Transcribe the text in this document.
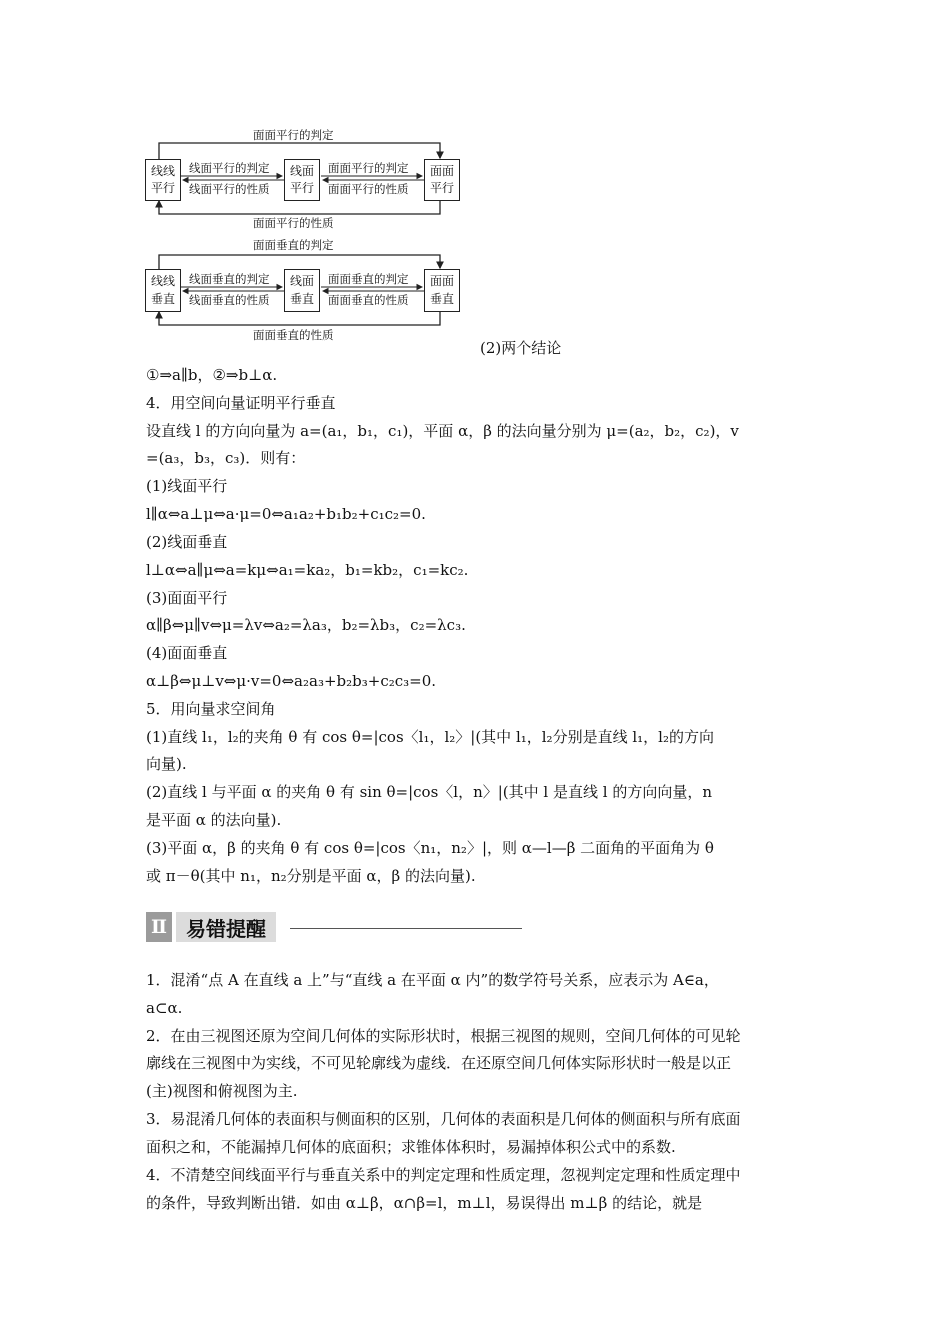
面面平行的判定
面面平行的性质
线线
平行
线面
平行
面面
平行
线面平行的判定
线面平行的性质
面面平行的判定
面面平行的性质
面面垂直的判定
面面垂直的性质
线线
垂直
线面
垂直
面面
垂直
线面垂直的判定
线面垂直的性质
面面垂直的判定
面面垂直的性质
(2)两个结论
①⇒a∥b，②⇒b⊥α.
4．用空间向量证明平行垂直
设直线 l 的方向向量为 a=(a₁，b₁，c₁)，平面 α，β 的法向量分别为 μ=(a₂，b₂，c₂)，v
=(a₃，b₃，c₃)．则有：
(1)线面平行
l∥α⇔a⊥μ⇔a·μ=0⇔a₁a₂+b₁b₂+c₁c₂=0.
(2)线面垂直
l⊥α⇔a∥μ⇔a=kμ⇔a₁=ka₂，b₁=kb₂，c₁=kc₂.
(3)面面平行
α∥β⇔μ∥v⇔μ=λv⇔a₂=λa₃，b₂=λb₃，c₂=λc₃.
(4)面面垂直
α⊥β⇔μ⊥v⇔μ·v=0⇔a₂a₃+b₂b₃+c₂c₃=0.
5．用向量求空间角
(1)直线 l₁，l₂的夹角 θ 有 cos θ=|cos〈l₁，l₂〉|(其中 l₁，l₂分别是直线 l₁，l₂的方向
向量).
(2)直线 l 与平面 α 的夹角 θ 有 sin θ=|cos〈l，n〉|(其中 l 是直线 l 的方向向量，n
是平面 α 的法向量).
(3)平面 α，β 的夹角 θ 有 cos θ=|cos〈n₁，n₂〉|，则 α—l—β 二面角的平面角为 θ
或 π－θ(其中 n₁，n₂分别是平面 α，β 的法向量).
Ⅱ 易错提醒
1．混淆“点 A 在直线 a 上”与“直线 a 在平面 α 内”的数学符号关系，应表示为 A∈a，
a⊂α.
2．在由三视图还原为空间几何体的实际形状时，根据三视图的规则，空间几何体的可见轮
廓线在三视图中为实线，不可见轮廓线为虚线．在还原空间几何体实际形状时一般是以正
(主)视图和俯视图为主.
3．易混淆几何体的表面积与侧面积的区别，几何体的表面积是几何体的侧面积与所有底面
面积之和，不能漏掉几何体的底面积；求锥体体积时，易漏掉体积公式中的系数.
4．不清楚空间线面平行与垂直关系中的判定定理和性质定理，忽视判定定理和性质定理中
的条件，导致判断出错．如由 α⊥β，α∩β=l，m⊥l，易误得出 m⊥β 的结论，就是
